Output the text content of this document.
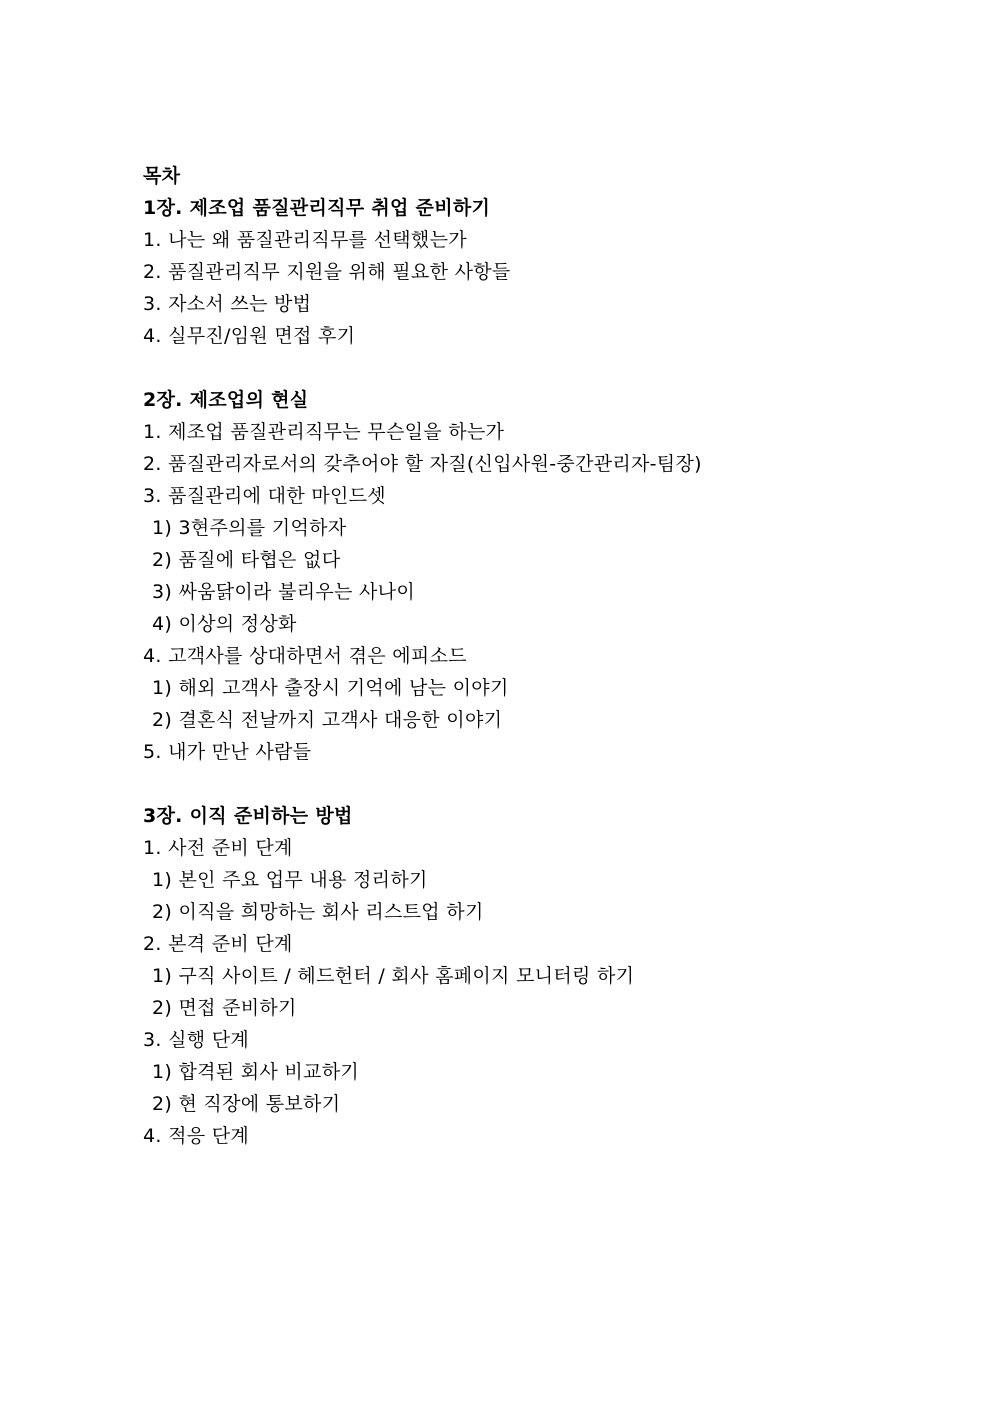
목차
1장. 제조업 품질관리직무 취업 준비하기
1. 나는 왜 품질관리직무를 선택했는가
2. 품질관리직무 지원을 위해 필요한 사항들
3. 자소서 쓰는 방법
4. 실무진/임원 면접 후기
2장. 제조업의 현실
1. 제조업 품질관리직무는 무슨일을 하는가
2. 품질관리자로서의 갖추어야 할 자질(신입사원-중간관리자-팀장)
3. 품질관리에 대한 마인드셋
1) 3현주의를 기억하자
2) 품질에 타협은 없다
3) 싸움닭이라 불리우는 사나이
4) 이상의 정상화
4. 고객사를 상대하면서 겪은 에피소드
1) 해외 고객사 출장시 기억에 남는 이야기
2) 결혼식 전날까지 고객사 대응한 이야기
5. 내가 만난 사람들
3장. 이직 준비하는 방법
1. 사전 준비 단계
1) 본인 주요 업무 내용 정리하기
2) 이직을 희망하는 회사 리스트업 하기
2. 본격 준비 단계
1) 구직 사이트 / 헤드헌터 / 회사 홈페이지 모니터링 하기
2) 면접 준비하기
3. 실행 단계
1) 합격된 회사 비교하기
2) 현 직장에 통보하기
4. 적응 단계
